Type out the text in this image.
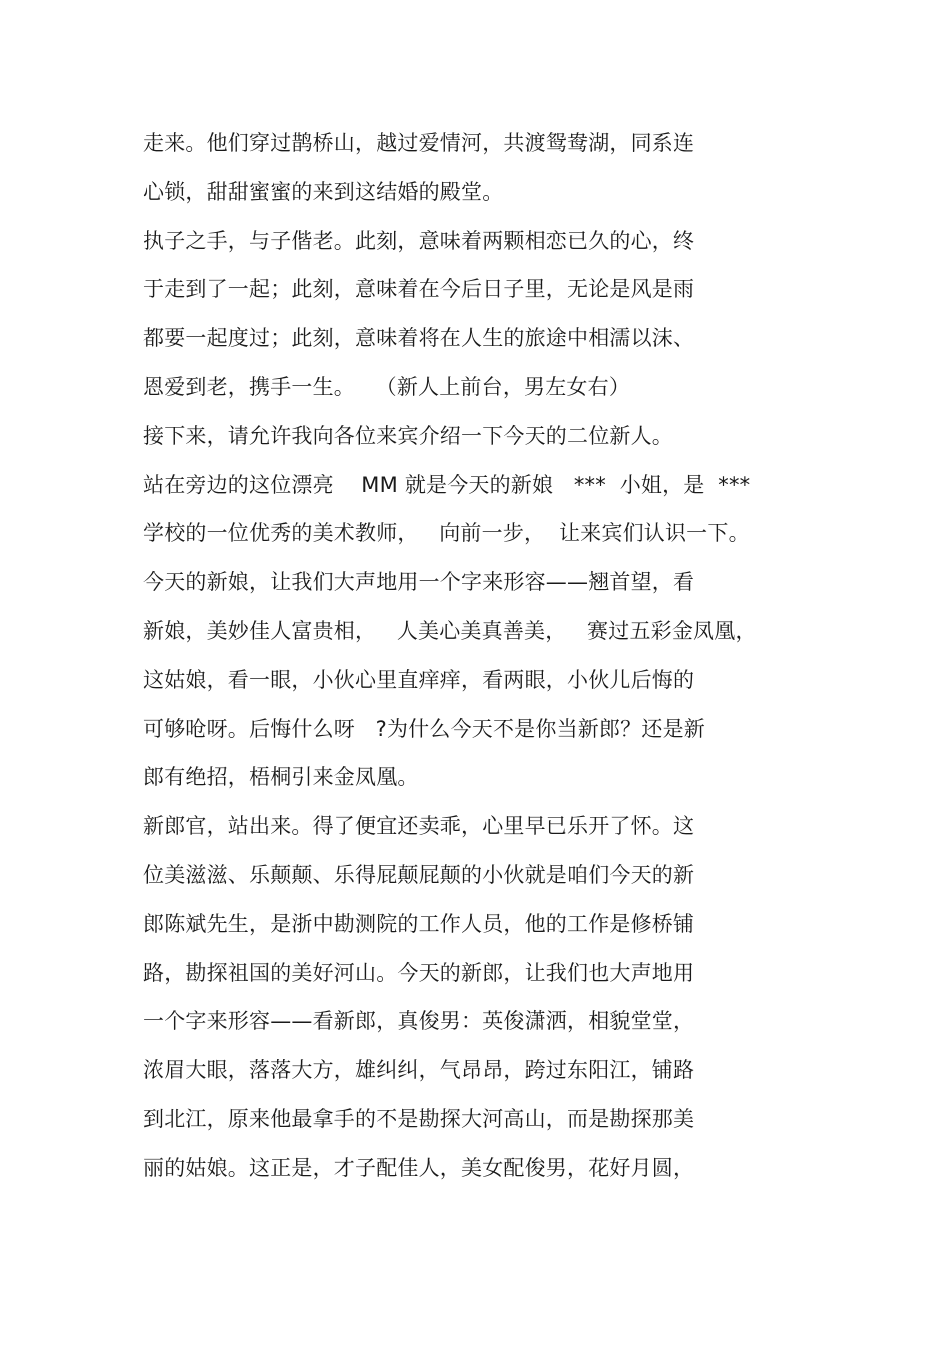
走来。他们穿过鹊桥山，越过爱情河，共渡鸳鸯湖，同系连
心锁，甜甜蜜蜜的来到这结婚的殿堂。
执子之手，与子偕老。此刻，意味着两颗相恋已久的心，终
于走到了一起；此刻，意味着在今后日子里，无论是风是雨
都要一起度过；此刻，意味着将在人生的旅途中相濡以沫、
恩爱到老，携手一生。   （新人上前台，男左女右）
接下来，请允许我向各位来宾介绍一下今天的二位新人。
站在旁边的这位漂亮    MM 就是今天的新娘   ***  小姐，是  ***
学校的一位优秀的美术教师，   向前一步，  让来宾们认识一下。
今天的新娘，让我们大声地用一个字来形容——翘首望，看
新娘，美妙佳人富贵相，   人美心美真善美，   赛过五彩金凤凰，
这姑娘，看一眼，小伙心里直痒痒，看两眼，小伙儿后悔的
可够呛呀。后悔什么呀   ?为什么今天不是你当新郎？还是新
郎有绝招，梧桐引来金凤凰。
新郎官，站出来。得了便宜还卖乖，心里早已乐开了怀。这
位美滋滋、乐颠颠、乐得屁颠屁颠的小伙就是咱们今天的新
郎陈斌先生，是浙中勘测院的工作人员，他的工作是修桥铺
路，勘探祖国的美好河山。今天的新郎，让我们也大声地用
一个字来形容——看新郎，真俊男：英俊潇洒，相貌堂堂，
浓眉大眼，落落大方，雄纠纠，气昂昂，跨过东阳江，铺路
到北江，原来他最拿手的不是勘探大河高山，而是勘探那美
丽的姑娘。这正是，才子配佳人，美女配俊男，花好月圆，
